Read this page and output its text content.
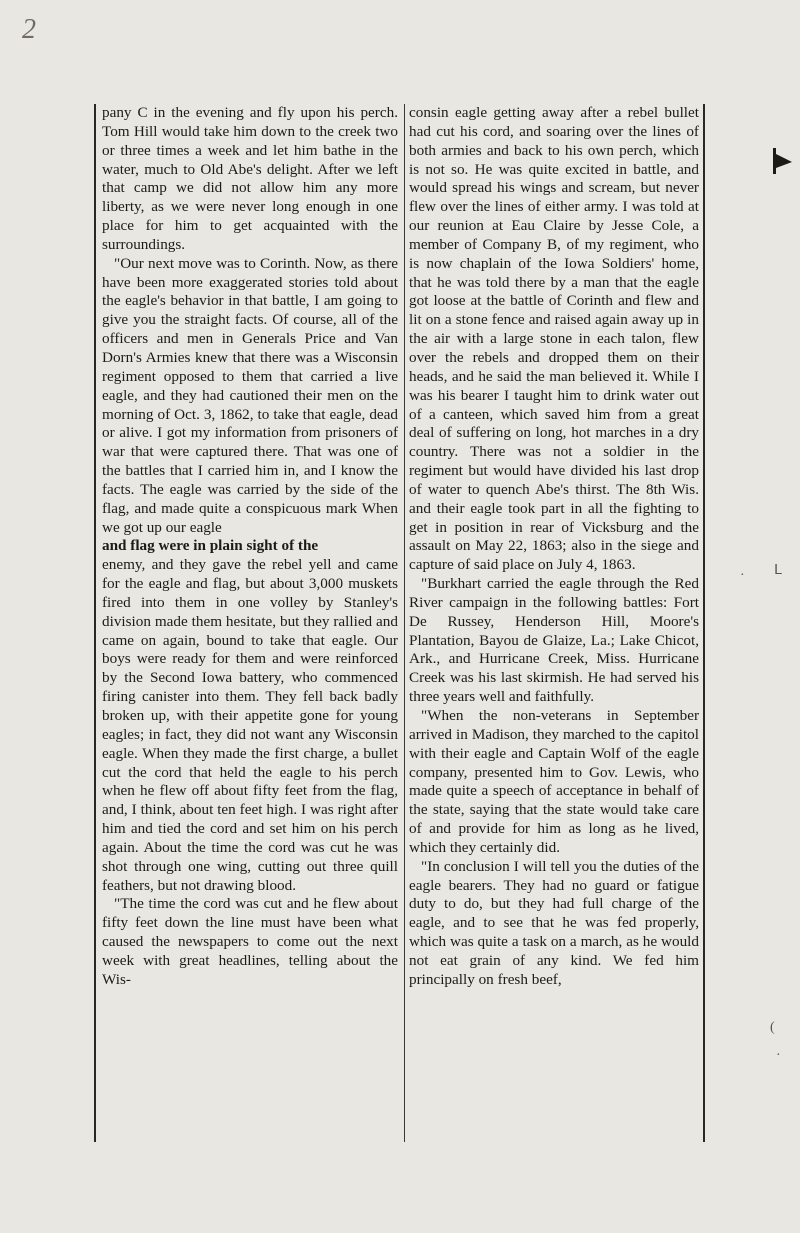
2

pany C in the evening and fly upon his perch. Tom Hill would take him down to the creek two or three times a week and let him bathe in the water, much to Old Abe's delight. After we left that camp we did not allow him any more liberty, as we were never long enough in one place for him to get acquainted with the surroundings.

"Our next move was to Corinth. Now, as there have been more exaggerated stories told about the eagle's behavior in that battle, I am going to give you the straight facts. Of course, all of the officers and men in Generals Price and Van Dorn's Armies knew that there was a Wisconsin regiment opposed to them that carried a live eagle, and they had cautioned their men on the morning of Oct. 3, 1862, to take that eagle, dead or alive. I got my information from prisoners of war that were captured there. That was one of the battles that I carried him in, and I know the facts. The eagle was carried by the side of the flag, and made quite a conspicuous mark When we got up our eagle

and flag were in plain sight of the

enemy, and they gave the rebel yell and came for the eagle and flag, but about 3,000 muskets fired into them in one volley by Stanley's division made them hesitate, but they rallied and came on again, bound to take that eagle. Our boys were ready for them and were reinforced by the Second Iowa battery, who commenced firing canister into them. They fell back badly broken up, with their appetite gone for young eagles; in fact, they did not want any Wisconsin eagle. When they made the first charge, a bullet cut the cord that held the eagle to his perch when he flew off about fifty feet from the flag, and, I think, about ten feet high. I was right after him and tied the cord and set him on his perch again. About the time the cord was cut he was shot through one wing, cutting out three quill feathers, but not drawing blood.

"The time the cord was cut and he flew about fifty feet down the line must have been what caused the newspapers to come out the next week with great headlines, telling about the Wis-

consin eagle getting away after a rebel bullet had cut his cord, and soaring over the lines of both armies and back to his own perch, which is not so. He was quite excited in battle, and would spread his wings and scream, but never flew over the lines of either army. I was told at our reunion at Eau Claire by Jesse Cole, a member of Company B, of my regiment, who is now chaplain of the Iowa Soldiers' home, that he was told there by a man that the eagle got loose at the battle of Corinth and flew and lit on a stone fence and raised again away up in the air with a large stone in each talon, flew over the rebels and dropped them on their heads, and he said the man believed it. While I was his bearer I taught him to drink water out of a canteen, which saved him from a great deal of suffering on long, hot marches in a dry country. There was not a soldier in the regiment but would have divided his last drop of water to quench Abe's thirst. The 8th Wis. and their eagle took part in all the fighting to get in position in rear of Vicksburg and the assault on May 22, 1863; also in the siege and capture of said place on July 4, 1863.

"Burkhart carried the eagle through the Red River campaign in the following battles: Fort De Russey, Henderson Hill, Moore's Plantation, Bayou de Glaize, La.; Lake Chicot, Ark., and Hurricane Creek, Miss. Hurricane Creek was his last skirmish. He had served his three years well and faithfully.

"When the non-veterans in September arrived in Madison, they marched to the capitol with their eagle and Captain Wolf of the eagle company, presented him to Gov. Lewis, who made quite a speech of acceptance in behalf of the state, saying that the state would take care of and provide for him as long as he lived, which they certainly did.

"In conclusion I will tell you the duties of the eagle bearers. They had no guard or fatigue duty to do, but they had full charge of the eagle, and to see that he was fed properly, which was quite a task on a march, as he would not eat grain of any kind. We fed him principally on fresh beef,

ᒪ
·
(
·
